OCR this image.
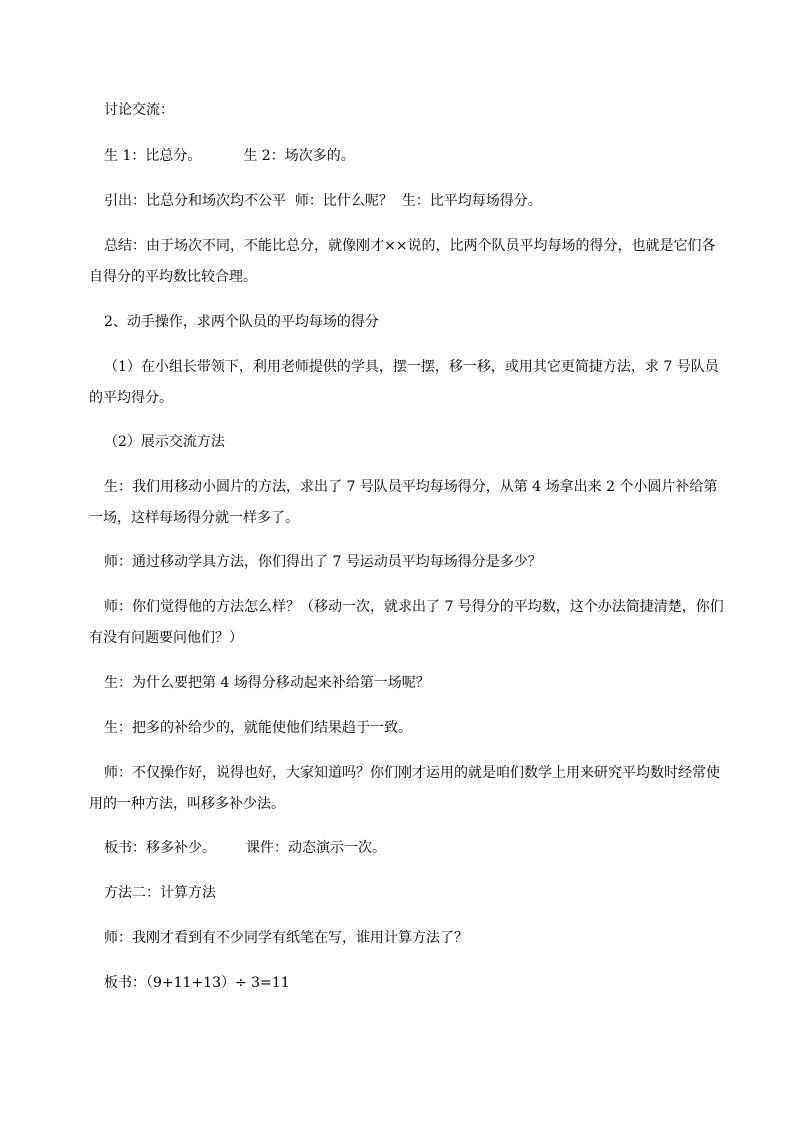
讨论交流：

生 1：比总分。	生 2：场次多的。

引出：比总分和场次均不公平  师：比什么呢？  生：比平均每场得分。

总结：由于场次不同，不能比总分，就像刚才××说的，比两个队员平均每场的得分，也就是它们各自得分的平均数比较合理。

2、动手操作，求两个队员的平均每场的得分

（1）在小组长带领下，利用老师提供的学具，摆一摆，移一移，或用其它更简捷方法，求 7 号队员的平均得分。

（2）展示交流方法

生：我们用移动小圆片的方法，求出了 7 号队员平均每场得分，从第 4 场拿出来 2 个小圆片补给第一场，这样每场得分就一样多了。

师：通过移动学具方法，你们得出了 7 号运动员平均每场得分是多少？

师：你们觉得他的方法怎么样？（移动一次，就求出了 7 号得分的平均数，这个办法简捷清楚，你们有没有问题要问他们？）

生：为什么要把第 4 场得分移动起来补给第一场呢？

生：把多的补给少的，就能使他们结果趋于一致。

师：不仅操作好，说得也好，大家知道吗？你们刚才运用的就是咱们数学上用来研究平均数时经常使用的一种方法，叫移多补少法。

板书：移多补少。 课件：动态演示一次。

方法二：计算方法

师：我刚才看到有不少同学有纸笔在写，谁用计算方法了？

板书：（9+11+13）÷ 3=11
